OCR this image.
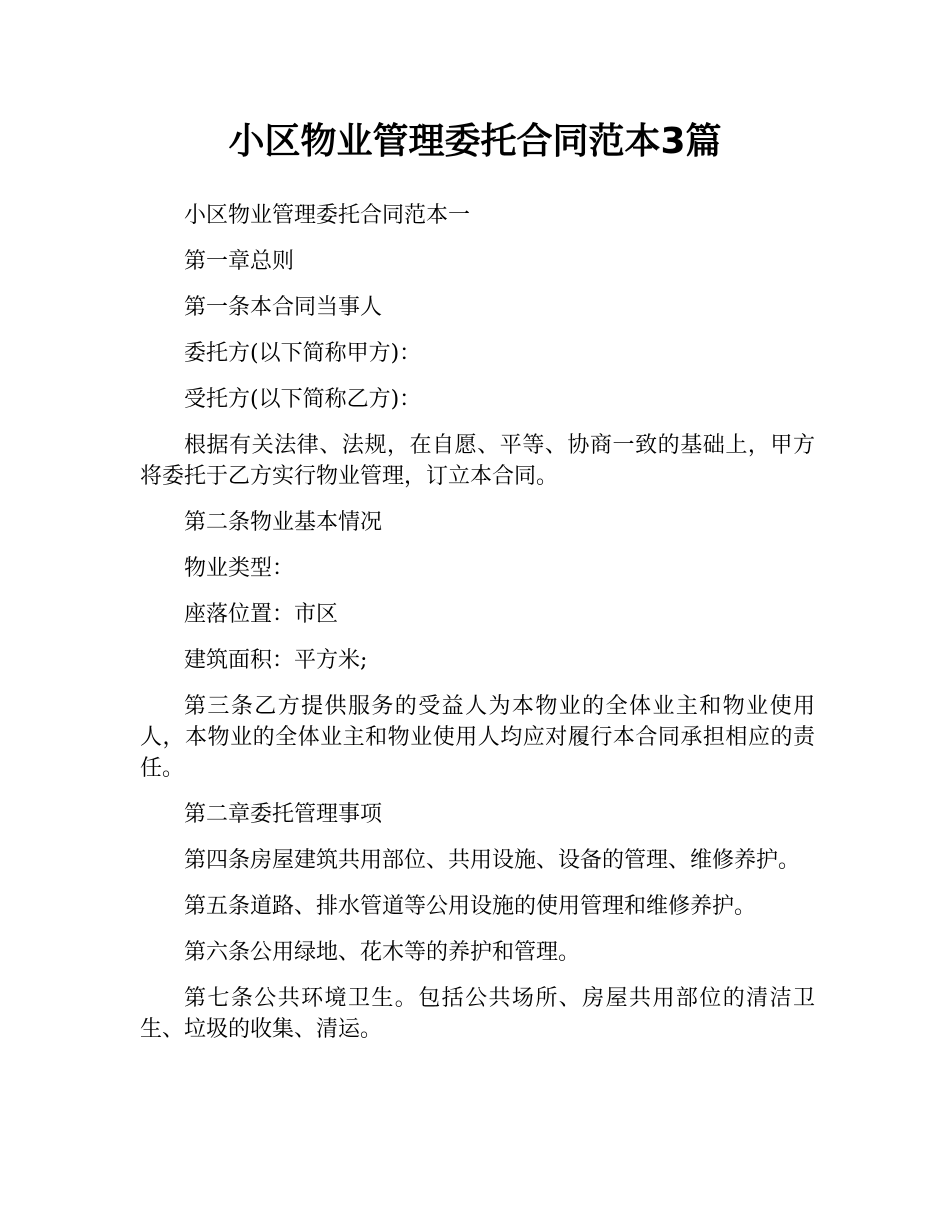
小区物业管理委托合同范本3篇

小区物业管理委托合同范本一

第一章总则

第一条本合同当事人

委托方(以下简称甲方)：

受托方(以下简称乙方)：

根据有关法律、法规，在自愿、平等、协商一致的基础上，甲方将委托于乙方实行物业管理，订立本合同。

第二条物业基本情况

物业类型：

座落位置：市区

建筑面积：平方米;

第三条乙方提供服务的受益人为本物业的全体业主和物业使用人，本物业的全体业主和物业使用人均应对履行本合同承担相应的责任。

第二章委托管理事项

第四条房屋建筑共用部位、共用设施、设备的管理、维修养护。

第五条道路、排水管道等公用设施的使用管理和维修养护。

第六条公用绿地、花木等的养护和管理。

第七条公共环境卫生。包括公共场所、房屋共用部位的清洁卫生、垃圾的收集、清运。
